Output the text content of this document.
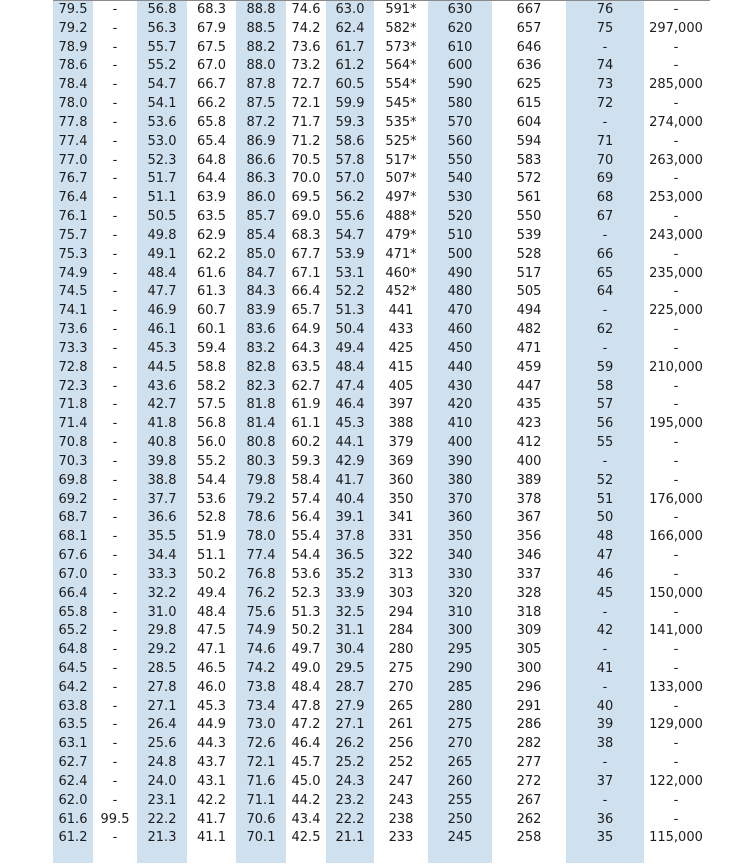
79.5	-	56.8	68.3	88.8	74.6	63.0	591*	630	667	76	-
79.2	-	56.3	67.9	88.5	74.2	62.4	582*	620	657	75	297,000
78.9	-	55.7	67.5	88.2	73.6	61.7	573*	610	646	-	-
78.6	-	55.2	67.0	88.0	73.2	61.2	564*	600	636	74	-
78.4	-	54.7	66.7	87.8	72.7	60.5	554*	590	625	73	285,000
78.0	-	54.1	66.2	87.5	72.1	59.9	545*	580	615	72	-
77.8	-	53.6	65.8	87.2	71.7	59.3	535*	570	604	-	274,000
77.4	-	53.0	65.4	86.9	71.2	58.6	525*	560	594	71	-
77.0	-	52.3	64.8	86.6	70.5	57.8	517*	550	583	70	263,000
76.7	-	51.7	64.4	86.3	70.0	57.0	507*	540	572	69	-
76.4	-	51.1	63.9	86.0	69.5	56.2	497*	530	561	68	253,000
76.1	-	50.5	63.5	85.7	69.0	55.6	488*	520	550	67	-
75.7	-	49.8	62.9	85.4	68.3	54.7	479*	510	539	-	243,000
75.3	-	49.1	62.2	85.0	67.7	53.9	471*	500	528	66	-
74.9	-	48.4	61.6	84.7	67.1	53.1	460*	490	517	65	235,000
74.5	-	47.7	61.3	84.3	66.4	52.2	452*	480	505	64	-
74.1	-	46.9	60.7	83.9	65.7	51.3	441	470	494	-	225,000
73.6	-	46.1	60.1	83.6	64.9	50.4	433	460	482	62	-
73.3	-	45.3	59.4	83.2	64.3	49.4	425	450	471	-	-
72.8	-	44.5	58.8	82.8	63.5	48.4	415	440	459	59	210,000
72.3	-	43.6	58.2	82.3	62.7	47.4	405	430	447	58	-
71.8	-	42.7	57.5	81.8	61.9	46.4	397	420	435	57	-
71.4	-	41.8	56.8	81.4	61.1	45.3	388	410	423	56	195,000
70.8	-	40.8	56.0	80.8	60.2	44.1	379	400	412	55	-
70.3	-	39.8	55.2	80.3	59.3	42.9	369	390	400	-	-
69.8	-	38.8	54.4	79.8	58.4	41.7	360	380	389	52	-
69.2	-	37.7	53.6	79.2	57.4	40.4	350	370	378	51	176,000
68.7	-	36.6	52.8	78.6	56.4	39.1	341	360	367	50	-
68.1	-	35.5	51.9	78.0	55.4	37.8	331	350	356	48	166,000
67.6	-	34.4	51.1	77.4	54.4	36.5	322	340	346	47	-
67.0	-	33.3	50.2	76.8	53.6	35.2	313	330	337	46	-
66.4	-	32.2	49.4	76.2	52.3	33.9	303	320	328	45	150,000
65.8	-	31.0	48.4	75.6	51.3	32.5	294	310	318	-	-
65.2	-	29.8	47.5	74.9	50.2	31.1	284	300	309	42	141,000
64.8	-	29.2	47.1	74.6	49.7	30.4	280	295	305	-	-
64.5	-	28.5	46.5	74.2	49.0	29.5	275	290	300	41	-
64.2	-	27.8	46.0	73.8	48.4	28.7	270	285	296	-	133,000
63.8	-	27.1	45.3	73.4	47.8	27.9	265	280	291	40	-
63.5	-	26.4	44.9	73.0	47.2	27.1	261	275	286	39	129,000
63.1	-	25.6	44.3	72.6	46.4	26.2	256	270	282	38	-
62.7	-	24.8	43.7	72.1	45.7	25.2	252	265	277	-	-
62.4	-	24.0	43.1	71.6	45.0	24.3	247	260	272	37	122,000
62.0	-	23.1	42.2	71.1	44.2	23.2	243	255	267	-	-
61.6	99.5	22.2	41.7	70.6	43.4	22.2	238	250	262	36	-
61.2	-	21.3	41.1	70.1	42.5	21.1	233	245	258	35	115,000
